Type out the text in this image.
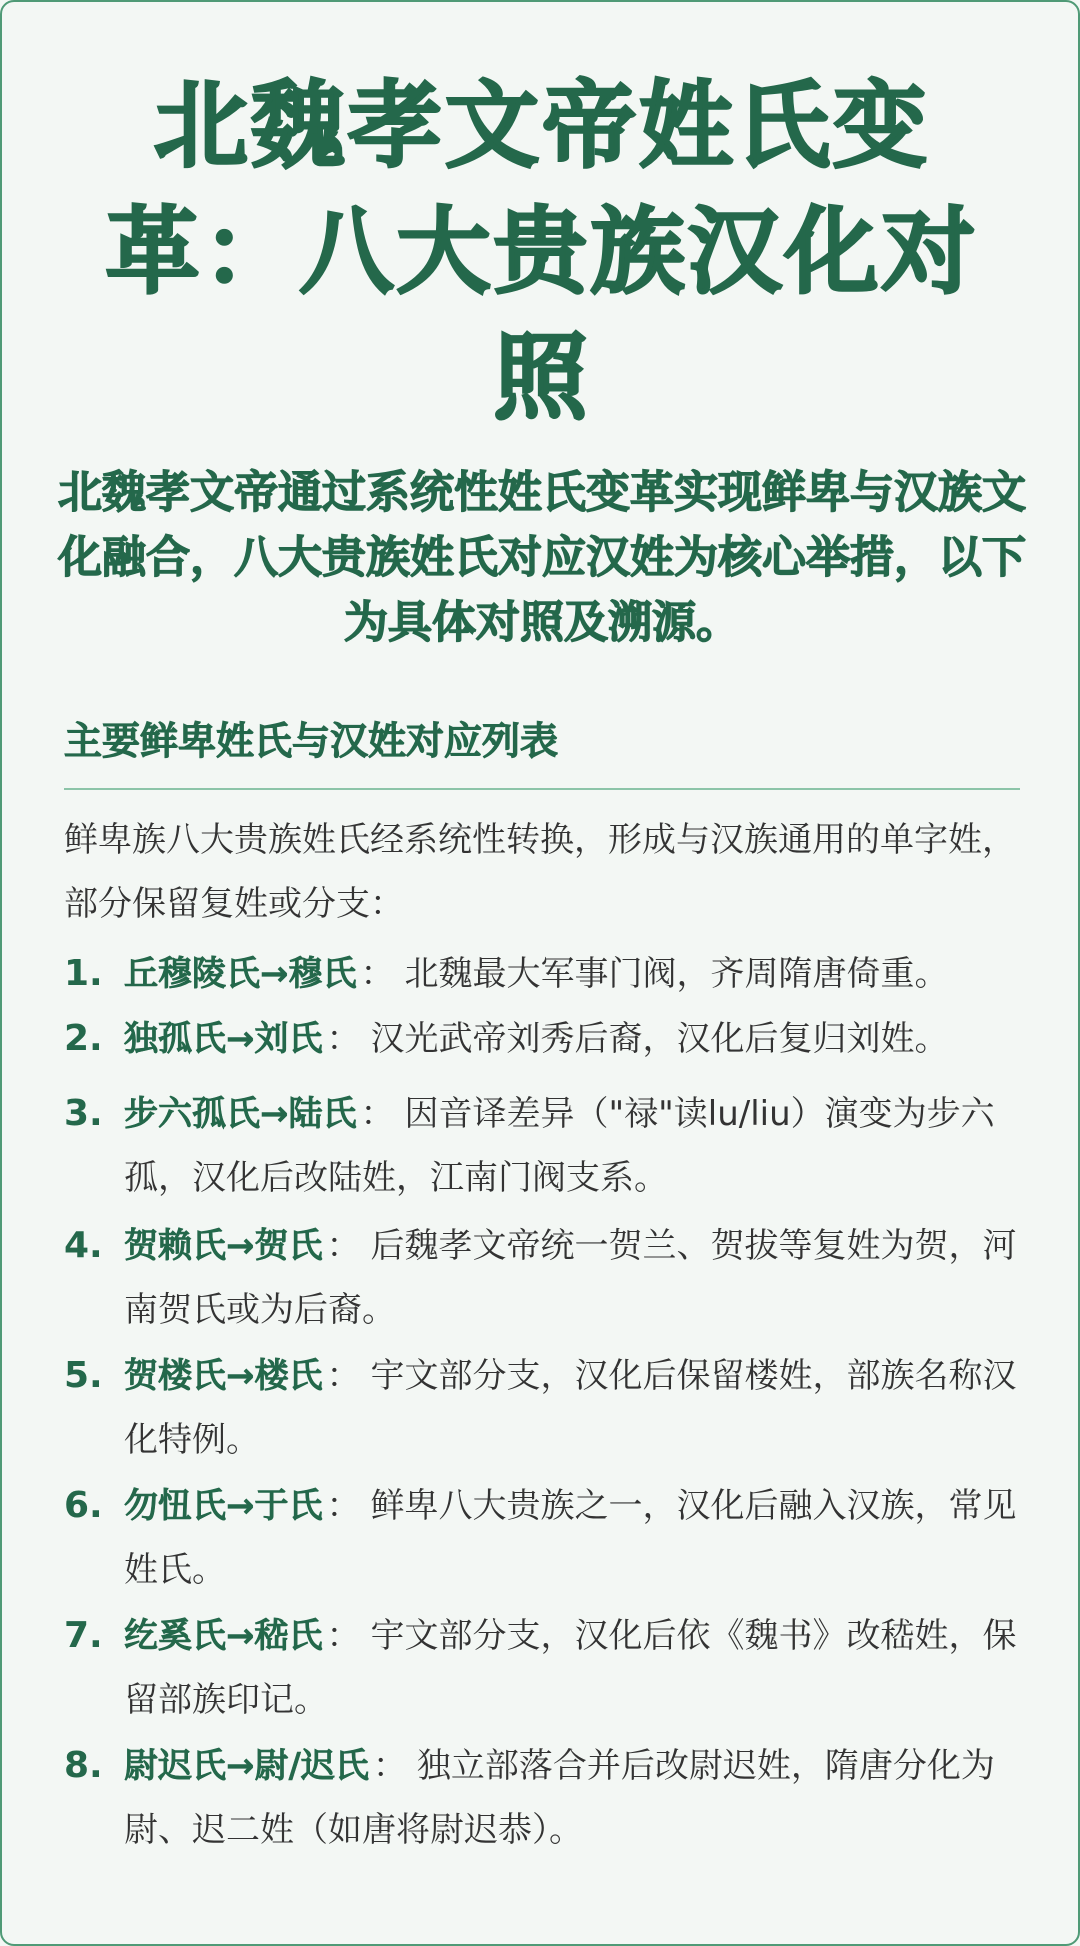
北魏孝文帝姓氏变革：八大贵族汉化对照

北魏孝文帝通过系统性姓氏变革实现鲜卑与汉族文化融合，八大贵族姓氏对应汉姓为核心举措，以下为具体对照及溯源。

主要鲜卑姓氏与汉姓对应列表

鲜卑族八大贵族姓氏经系统性转换，形成与汉族通用的单字姓，部分保留复姓或分支：

1. 丘穆陵氏→穆氏 ： 北魏最大军事门阀，齐周隋唐倚重。
2. 独孤氏→刘氏 ： 汉光武帝刘秀后裔，汉化后复归刘姓。
3. 步六孤氏→陆氏 ： 因音译差异（"禄"读lu/liu）演变为步六孤，汉化后改陆姓，江南门阀支系。
4. 贺赖氏→贺氏 ： 后魏孝文帝统一贺兰、贺拔等复姓为贺，河南贺氏或为后裔。
5. 贺楼氏→楼氏 ： 宇文部分支，汉化后保留楼姓，部族名称汉化特例。
6. 勿忸氏→于氏 ： 鲜卑八大贵族之一，汉化后融入汉族，常见姓氏。
7. 纥奚氏→嵇氏 ： 宇文部分支，汉化后依《魏书》改嵇姓，保留部族印记。
8. 尉迟氏→尉/迟氏 ： 独立部落合并后改尉迟姓，隋唐分化为尉、迟二姓（如唐将尉迟恭）。
